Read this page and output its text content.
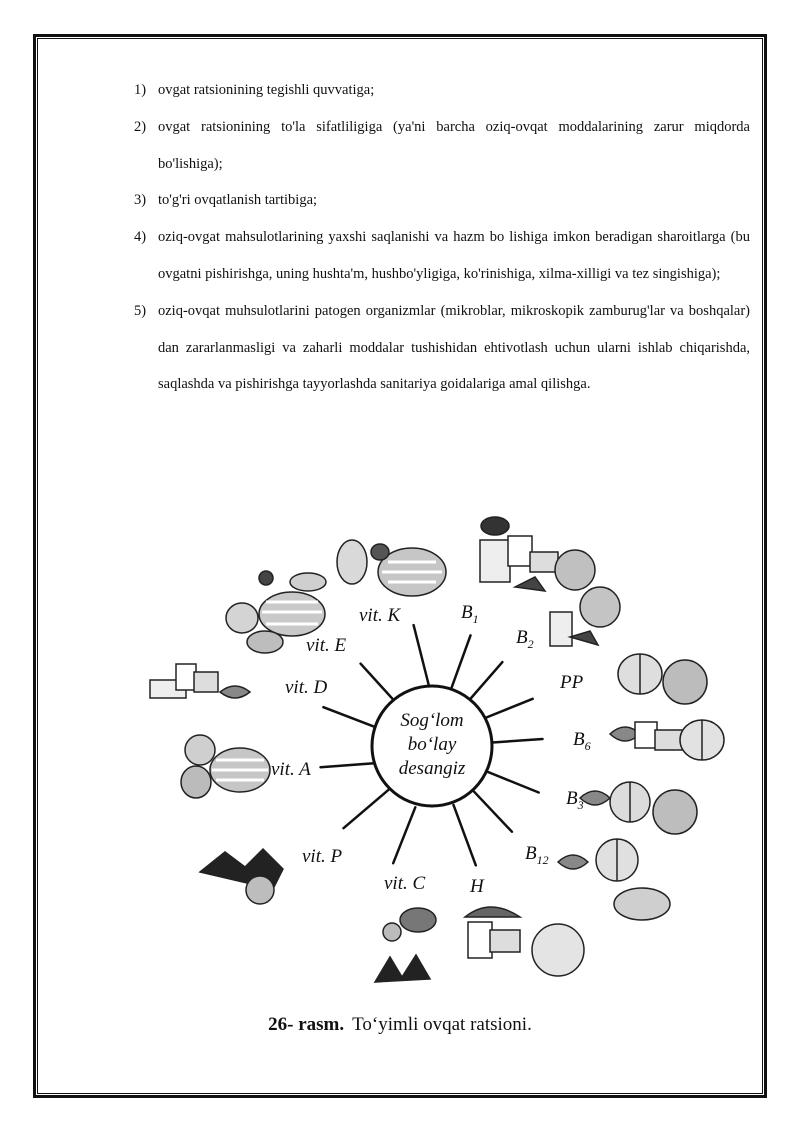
1) ovgat ratsionining tegishli quvvatiga;
2) ovgat ratsionining to'la sifatliligiga (ya'ni barcha oziq-ovqat moddalarining zarur miqdorda bo'lishiga);
3) to'g'ri ovqatlanish tartibiga;
4) oziq-ovgat mahsulotlarining yaxshi saqlanishi va hazm bo lishiga imkon beradigan sharoitlarga (bu ovgatni pishirishga, uning hushta'm, hushbo'yligiga, ko'rinishiga, xilma-xilligi va tez singishiga);
5) oziq-ovqat muhsulotlarini patogen organizmlar (mikroblar, mikroskopik zamburug'lar va boshqalar) dan zararlanmasligi va zaharli moddalar tushishidan ehtivotlash uchun ularni ishlab chiqarishda, saqlashda va pishirishga tayyorlashda sanitariya goidalariga amal qilishga.
Sog‘lom
bo‘lay
desangiz
vit. K	$B_1$
$B_2$
PP
$B_6$
$B_3$
$B_{12}$
H
vit. C
vit. P
vit. A
vit. D
vit. E
26- rasm. To‘yimli ovqat ratsioni.
